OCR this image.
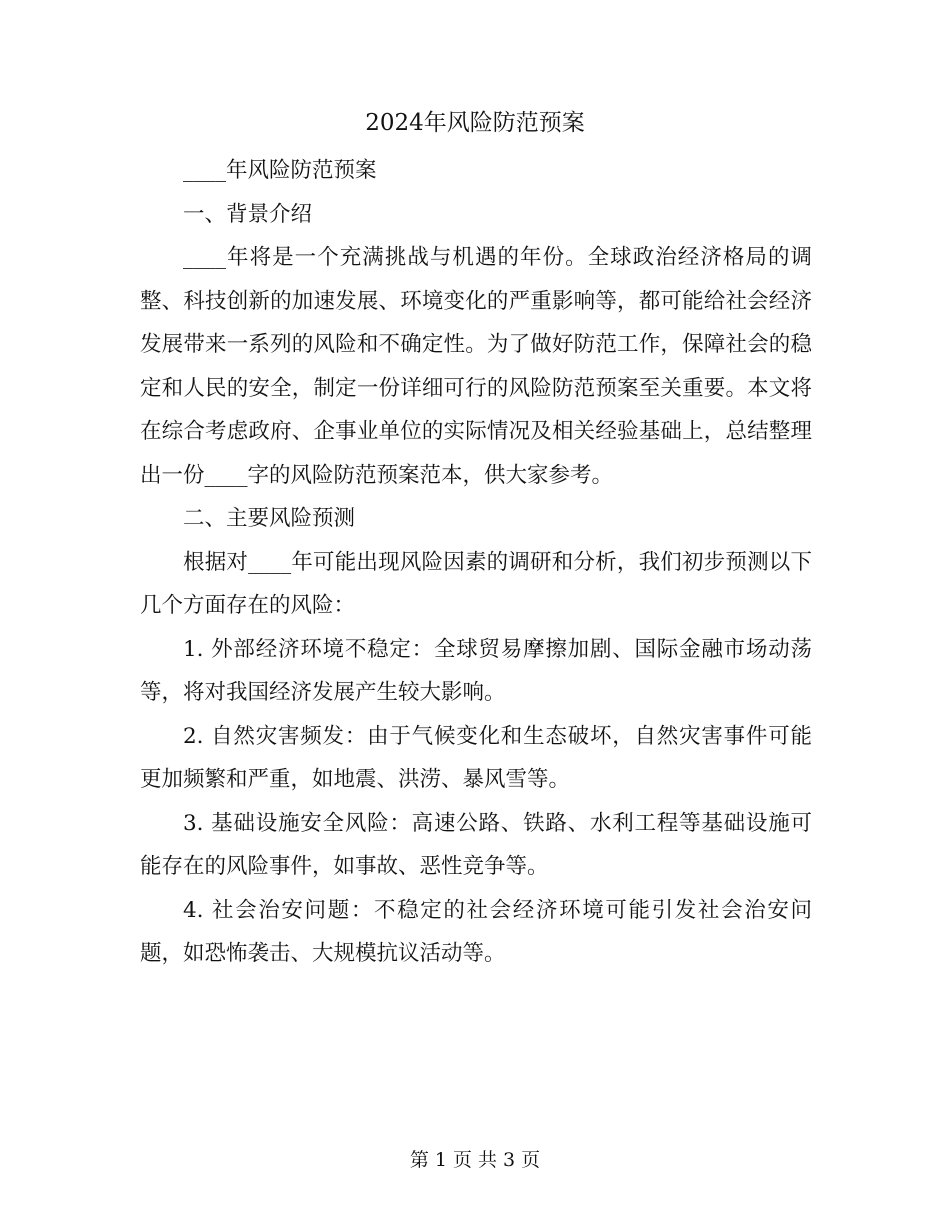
2024年风险防范预案

____年风险防范预案

一、背景介绍

____年将是一个充满挑战与机遇的年份。全球政治经济格局的调整、科技创新的加速发展、环境变化的严重影响等，都可能给社会经济发展带来一系列的风险和不确定性。为了做好防范工作，保障社会的稳定和人民的安全，制定一份详细可行的风险防范预案至关重要。本文将在综合考虑政府、企事业单位的实际情况及相关经验基础上，总结整理出一份____字的风险防范预案范本，供大家参考。

二、主要风险预测

根据对____年可能出现风险因素的调研和分析，我们初步预测以下几个方面存在的风险：

1. 外部经济环境不稳定：全球贸易摩擦加剧、国际金融市场动荡等，将对我国经济发展产生较大影响。

2. 自然灾害频发：由于气候变化和生态破坏，自然灾害事件可能更加频繁和严重，如地震、洪涝、暴风雪等。

3. 基础设施安全风险：高速公路、铁路、水利工程等基础设施可能存在的风险事件，如事故、恶性竞争等。

4. 社会治安问题：不稳定的社会经济环境可能引发社会治安问题，如恐怖袭击、大规模抗议活动等。

第 1 页 共 3 页
